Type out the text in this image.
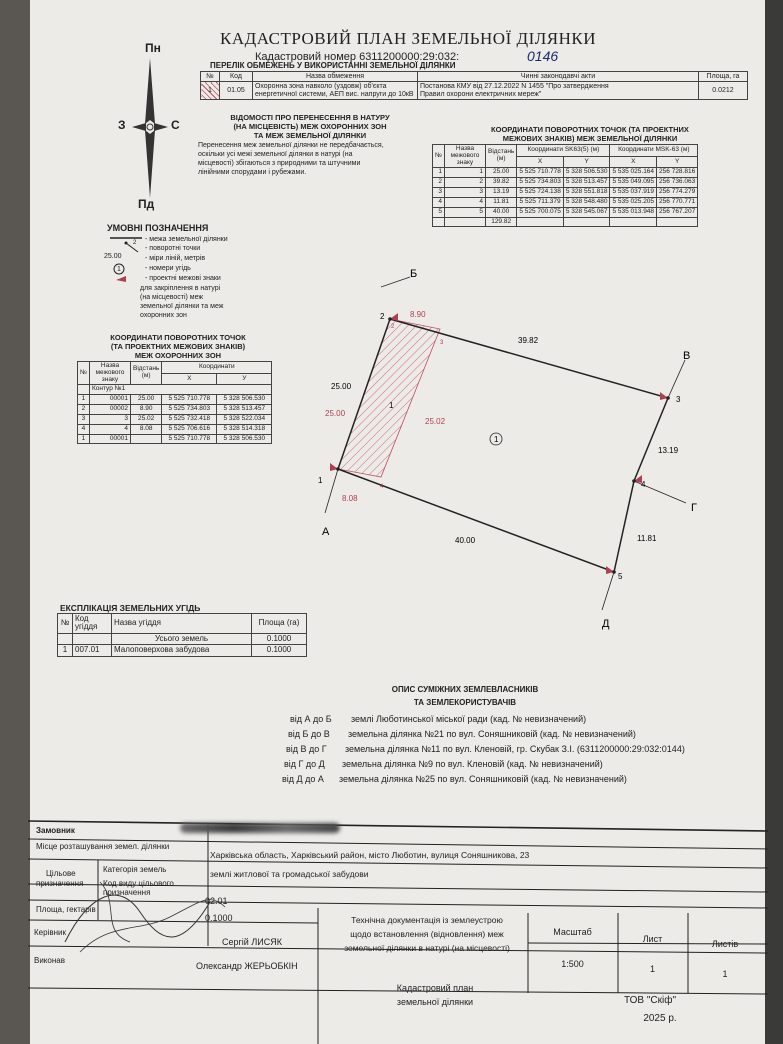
КАДАСТРОВИЙ ПЛАН ЗЕМЕЛЬНОЇ ДІЛЯНКИ
Кадастровий номер 6311200000:29:032:	0146
Пн
Пд
З	С
ПЕРЕЛІК ОБМЕЖЕНЬ У ВИКОРИСТАННІ ЗЕМЕЛЬНОЇ ДІЛЯНКИ
№	Код	Назва обмеження	Чинні законодавчі акти	Площа, га
1	01.05	Охоронна зона навколо (уздовж) об'єкта
енергетичної системи, АЕП вис. напруги до 10кВ	Постанова КМУ від 27.12.2022 N 1455 "Про затвердження
Правил охорони електричних мереж"	0.0212
ВІДОМОСТІ ПРО ПЕРЕНЕСЕННЯ В НАТУРУ
(НА МІСЦЕВІСТЬ) МЕЖ ОХОРОННИХ ЗОН
ТА МЕЖ ЗЕМЕЛЬНОЇ ДІЛЯНКИ
Перенесення меж земельної ділянки не передбачається,
оскільки усі межі земельної ділянки в натурі (на
місцевості) збігаються з природними та штучними
лінійними спорудами і рубежами.
КООРДИНАТИ ПОВОРОТНИХ ТОЧОК (ТА ПРОЕКТНИХ
МЕЖОВИХ ЗНАКІВ) МЕЖ ЗЕМЕЛЬНОЇ ДІЛЯНКИ
№	Назва межового знаку	Відстань (м)	Координати SK63(5) (м)		Координати MSK-63 (м)	
			X	Y	X	Y
1	1	25.00	5 525 710.778	5 328 506.530	5 535 025.164	256 728.816
2	2	39.82	5 525 734.803	5 328 513.457	5 535 049.095	256 736.063
3	3	13.19	5 525 724.138	5 328 551.818	5 535 037.919	256 774.279
4	4	11.81	5 525 711.379	5 328 548.480	5 535 025.205	256 770.771
5	5	40.00	5 525 700.075	5 328 545.067	5 535 013.948	256 767.207
		129.82				
УМОВНІ ПОЗНАЧЕННЯ
2
25.00
1
- межа земельної ділянки
- поворотні точки
- міри ліній, метрів
- номери угідь
- проектні межові знаки
для закріплення в натурі
(на місцевості) меж
земельної ділянки та меж
охоронних зон
КООРДИНАТИ ПОВОРОТНИХ ТОЧОК
(ТА ПРОЕКТНИХ МЕЖОВИХ ЗНАКІВ)
МЕЖ ОХОРОННИХ ЗОН
№	Назва межового знаку	Відстань (м)	Координати	
			X	У
	Контур №1			
1	00001	25.00	5 525 710.778	5 328 506.530
2	00002	8.90	5 525 734.803	5 328 513.457
3	3	25.02	5 525 732.418	5 328 522.034
4	4	8.08	5 525 706.616	5 328 514.318
1	00001		5 525 710.778	5 328 506.530	1
1
2
3
4
5
1
2
3
4
8.90
39.82
25.00
25.00
25.02
13.19
11.81
40.00
8.08
Б
В
Г
Д
А
ЕКСПЛІКАЦІЯ ЗЕМЕЛЬНИХ УГІДЬ
№	Код угіддя	Назва угіддя	Площа (га)
		Усього земель	0.1000
1	007.01	Малоповерхова забудова	0.1000
ОПИС СУМІЖНИХ ЗЕМЛЕВЛАСНИКІВ
ТА ЗЕМЛЕКОРИСТУВАЧІВ
від А до Б землі Люботинської міської ради (кад. № невизначений)
від Б до В земельна ділянка №21 по вул. Соняшниковій (кад. № невизначений)
від В до Г земельна ділянка №11 по вул. Кленовій, гр. Скубак З.І. (6311200000:29:032:0144)
від Г до Д земельна ділянка №9 по вул. Кленовій (кад. № невизначений)
від Д до А земельна ділянка №25 по вул. Соняшниковій (кад. № невизначений)
Замовник
Місце розташування земел. ділянки
Харківська область, Харківський район, місто Люботин, вулиця Соняшникова, 23
Цільове
призначення
Категорія земель	землі житлової та громадської забудови
Код виду цільового
призначення
02.01
Площа, гектарів
0.1000
Керівник
Сергій ЛИСЯК
Виконав
Олександр ЖЕРЬОБКІН
Технічна документація із землеустрою
щодо встановлення (відновлення) меж
земельної ділянки в натурі (на місцевості)
Масштаб
1:500
Лист
1
Листів
1
Кадастровий план
земельної ділянки	ТОВ "Скіф"
2025 р.
